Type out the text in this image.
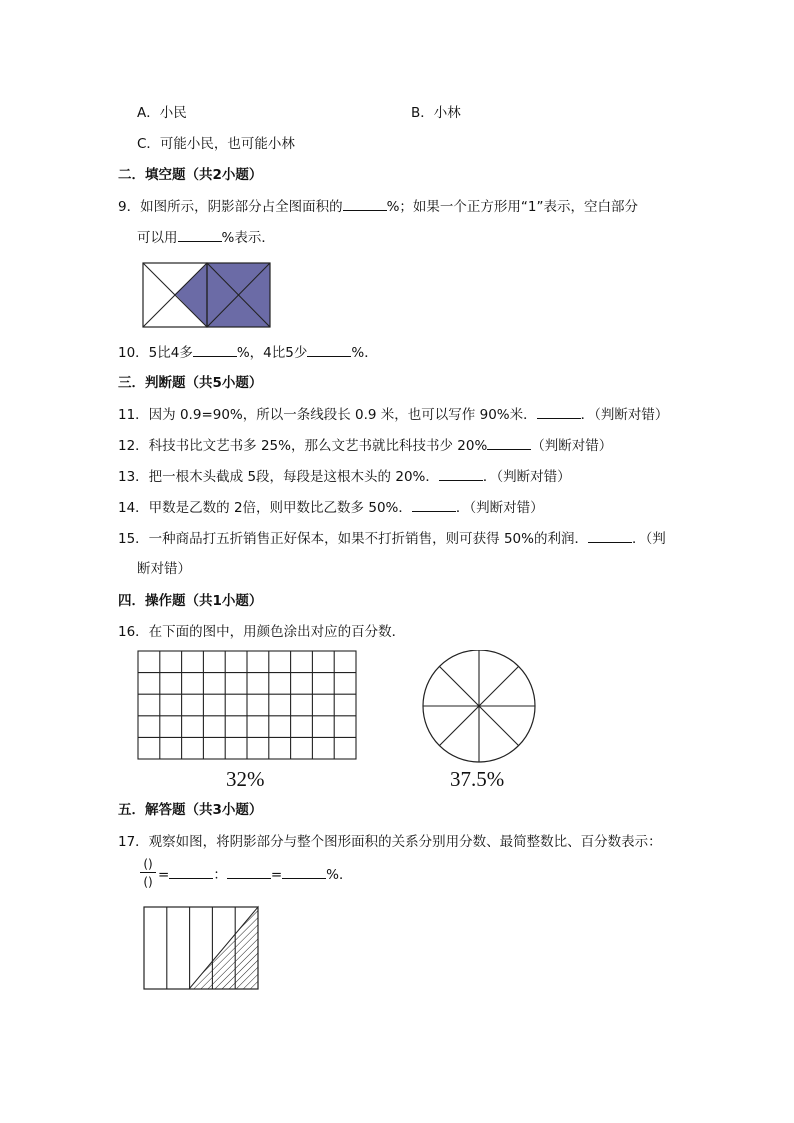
A．小民	B．小林
C．可能小民，也可能小林
二．填空题（共2小题）
9．如图所示，阴影部分占全图面积的	%；如果一个正方形用“1”表示，空白部分
可以用	%表示．
10．5比4多	%，4比5少	%．
三．判断题（共5小题）
11．因为 0.9=90%，所以一条线段长 0.9 米，也可以写作 90%米．	．（判断对错）
12．科技书比文艺书多 25%，那么文艺书就比科技书少 20%	（判断对错）
13．把一根木头截成 5段，每段是这根木头的 20%．	．（判断对错）
14．甲数是乙数的 2倍，则甲数比乙数多 50%．	．（判断对错）
15．一种商品打五折销售正好保本，如果不打折销售，则可获得 50%的利润．	．（判
断对错）
四．操作题（共1小题）
16．在下面的图中，用颜色涂出对应的百分数．
32%	37.5%
五．解答题（共3小题）
17．观察如图，将阴影部分与整个图形面积的关系分别用分数、最简整数比、百分数表示：
()
() =	：	=	%．
